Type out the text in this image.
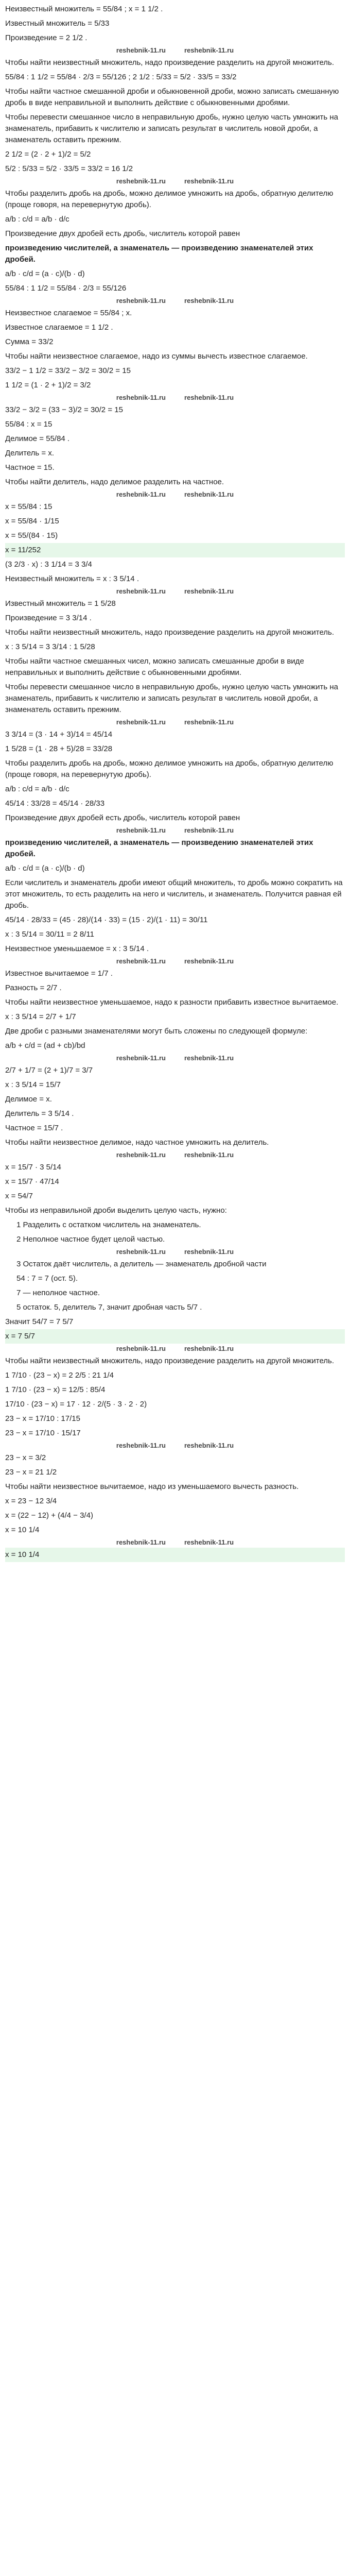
Неизвестный множитель = 55/84 ; x = 1 1/2 .
Известный множитель = 5/33
Произведение = 2 1/2 .
reshebnik-11.ru	reshebnik-11.ru
Чтобы найти неизвестный множитель, надо произведение разделить на другой множитель.
55/84 : 1 1/2 = 55/84 · 2/3 = 55/126 ; 2 1/2 : 5/33 = 5/2 · 33/5 = 33/2
Чтобы найти частное смешанной дроби и обыкновенной дроби, можно записать смешанную дробь в виде неправильной и выполнить действие с обыкновенными дробями.
Чтобы перевести смешанное число в неправильную дробь, нужно целую часть умножить на знаменатель, прибавить к числителю и записать результат в числитель новой дроби, а знаменатель оставить прежним.
2 1/2 = (2 · 2 + 1)/2 = 5/2
5/2 : 5/33 = 5/2 · 33/5 = 33/2 = 16 1/2
reshebnik-11.ru	reshebnik-11.ru
Чтобы разделить дробь на дробь, можно делимое умножить на дробь, обратную делителю (проще говоря, на перевернутую дробь).
a/b : c/d = a/b · d/c
Произведение двух дробей есть дробь, числитель которой равен
произведению числителей, а знаменатель — произведению знаменателей этих дробей.
a/b · c/d = (a · c)/(b · d)
55/84 : 1 1/2 = 55/84 · 2/3 = 55/126
reshebnik-11.ru	reshebnik-11.ru
Неизвестное слагаемое = 55/84 ; x.
Известное слагаемое = 1 1/2 .
Сумма = 33/2
Чтобы найти неизвестное слагаемое, надо из суммы вычесть известное слагаемое.
33/2 − 1 1/2 = 33/2 − 3/2 = 30/2 = 15
1 1/2 = (1 · 2 + 1)/2 = 3/2
reshebnik-11.ru	reshebnik-11.ru
33/2 − 3/2 = (33 − 3)/2 = 30/2 = 15
55/84 : x = 15
Делимое = 55/84 .
Делитель = x.
Частное = 15.
Чтобы найти делитель, надо делимое разделить на частное.
reshebnik-11.ru	reshebnik-11.ru
x = 55/84 : 15
x = 55/84 · 1/15
x = 55/(84 · 15)
x = 11/252
(3 2/3 · x) : 3 1/14 = 3 3/4
Неизвестный множитель = x : 3 5/14 .
reshebnik-11.ru	reshebnik-11.ru
Известный множитель = 1 5/28
Произведение = 3 3/14 .
Чтобы найти неизвестный множитель, надо произведение разделить на другой множитель.
x : 3 5/14 = 3 3/14 : 1 5/28
Чтобы найти частное смешанных чисел, можно записать смешанные дроби в виде неправильных и выполнить действие с обыкновенными дробями.
Чтобы перевести смешанное число в неправильную дробь, нужно целую часть умножить на знаменатель, прибавить к числителю и записать результат в числитель новой дроби, а знаменатель оставить прежним.
reshebnik-11.ru	reshebnik-11.ru
3 3/14 = (3 · 14 + 3)/14 = 45/14
1 5/28 = (1 · 28 + 5)/28 = 33/28
Чтобы разделить дробь на дробь, можно делимое умножить на дробь, обратную делителю (проще говоря, на перевернутую дробь).
a/b : c/d = a/b · d/c
45/14 : 33/28 = 45/14 · 28/33
Произведение двух дробей есть дробь, числитель которой равен
reshebnik-11.ru	reshebnik-11.ru
произведению числителей, а знаменатель — произведению знаменателей этих дробей.
a/b · c/d = (a · c)/(b · d)
Если числитель и знаменатель дроби имеют общий множитель, то дробь можно сократить на этот множитель, то есть разделить на него и числитель, и знаменатель. Получится равная ей дробь.
45/14 · 28/33 = (45 · 28)/(14 · 33) = (15 · 2)/(1 · 11) = 30/11
x : 3 5/14 = 30/11 = 2 8/11
Неизвестное уменьшаемое = x : 3 5/14 .
reshebnik-11.ru	reshebnik-11.ru
Известное вычитаемое = 1/7 .
Разность = 2/7 .
Чтобы найти неизвестное уменьшаемое, надо к разности прибавить известное вычитаемое.
x : 3 5/14 = 2/7 + 1/7
Две дроби с разными знаменателями могут быть сложены по следующей формуле:
a/b + c/d = (ad + cb)/bd
reshebnik-11.ru	reshebnik-11.ru
2/7 + 1/7 = (2 + 1)/7 = 3/7
x : 3 5/14 = 15/7
Делимое = x.
Делитель = 3 5/14 .
Частное = 15/7 .
Чтобы найти неизвестное делимое, надо частное умножить на делитель.
reshebnik-11.ru	reshebnik-11.ru
x = 15/7 · 3 5/14
x = 15/7 · 47/14
x = 54/7
Чтобы из неправильной дроби выделить целую часть, нужно:
1 Разделить с остатком числитель на знаменатель.
2 Неполное частное будет целой частью.
reshebnik-11.ru	reshebnik-11.ru
3 Остаток даёт числитель, а делитель — знаменатель дробной части
54 : 7 = 7 (ост. 5).
7 — неполное частное.
5 остаток. 5, делитель 7, значит дробная часть 5/7 .
Значит 54/7 = 7 5/7
x = 7 5/7
reshebnik-11.ru	reshebnik-11.ru
Чтобы найти неизвестный множитель, надо произведение разделить на другой множитель.
1 7/10 · (23 − x) = 2 2/5 : 21 1/4
1 7/10 · (23 − x) = 12/5 : 85/4
17/10 · (23 − x) = 17 · 12 · 2/(5 · 3 · 2 · 2)
23 − x = 17/10 : 17/15
23 − x = 17/10 · 15/17
reshebnik-11.ru	reshebnik-11.ru
23 − x = 3/2
23 − x = 21 1/2
Чтобы найти неизвестное вычитаемое, надо из уменьшаемого вычесть разность.
x = 23 − 12 3/4
x = (22 − 12) + (4/4 − 3/4)
x = 10 1/4
reshebnik-11.ru	reshebnik-11.ru
x = 10 1/4
